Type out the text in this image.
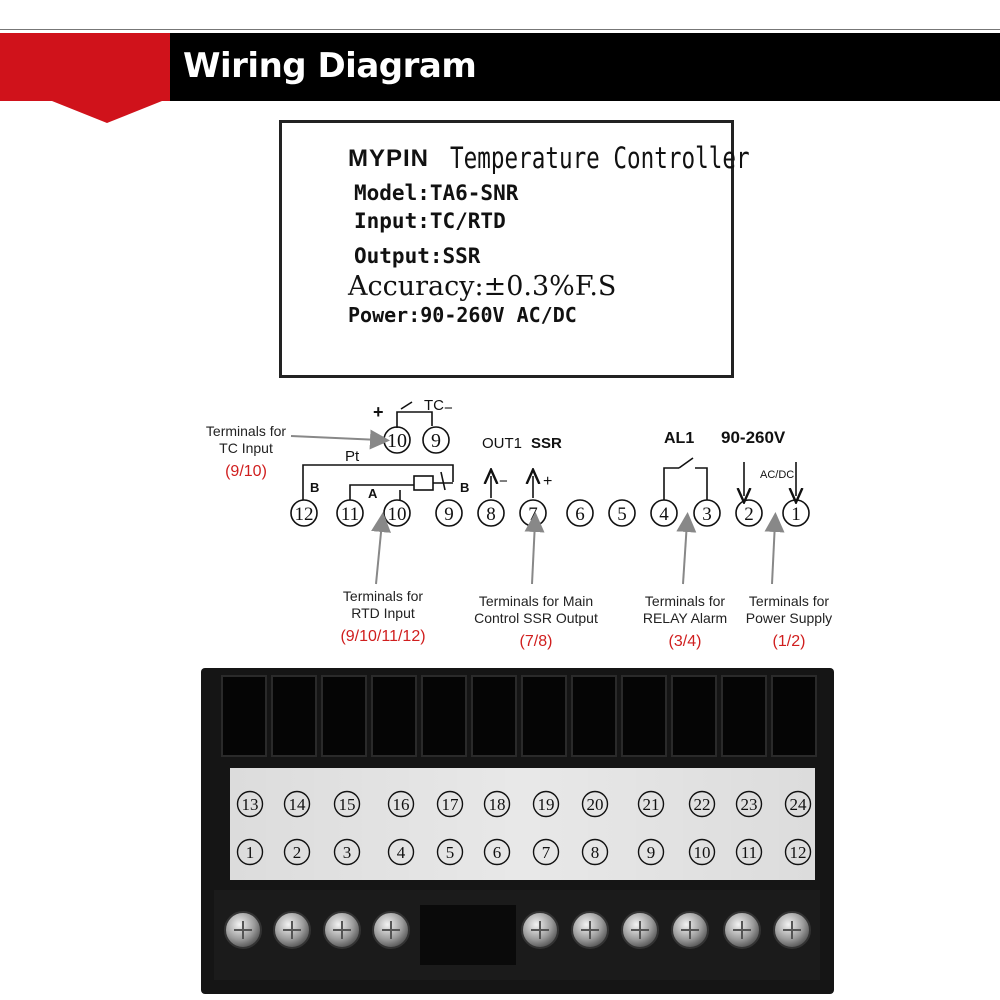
Wiring Diagram
MYPIN Temperature Controller
Model:TA6-SNR
Input:TC/RTD
Output:SSR
Accuracy:±0.3%F.S
Power:90-260V AC/DC
10 9
+	TC −
Pt
B	A	B
OUT1 SSR
− +
AL1 90-260V
AC/DC
12 11 10 9 8 7 6 5 4 3 2 1
13 14 15 16 17 18 19 20 21 22 23 24
1 2 3	4 5 6 7 8	9 10 11 12
Terminals for
TC Input
(9/10)
Terminals for
RTD Input
(9/10/11/12)
Terminals for Main
Control SSR Output
(7/8)
Terminals for
RELAY Alarm
(3/4)
Terminals for
Power Supply
(1/2)
